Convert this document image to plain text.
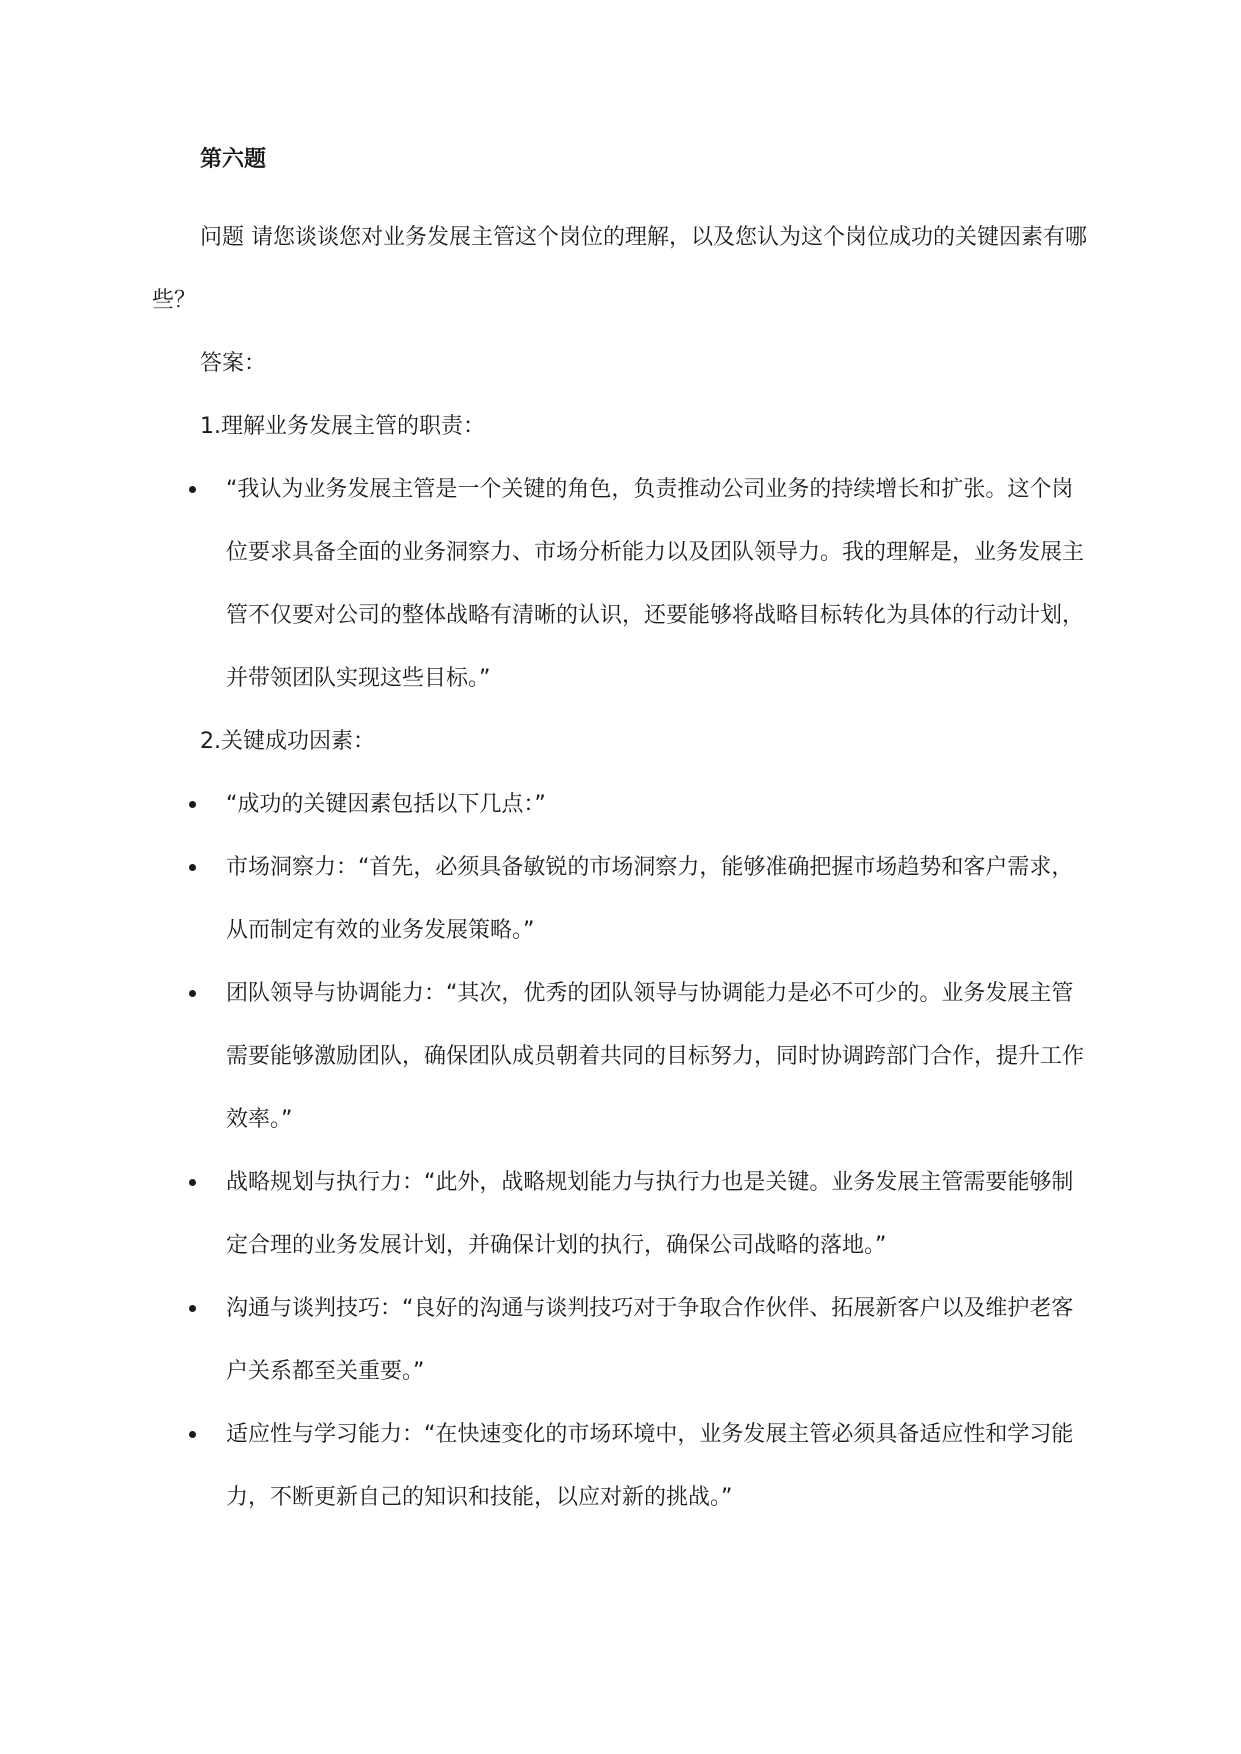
第六题

问题 请您谈谈您对业务发展主管这个岗位的理解，以及您认为这个岗位成功的关键因素有哪些？

答案：

1.理解业务发展主管的职责：

“我认为业务发展主管是一个关键的角色，负责推动公司业务的持续增长和扩张。这个岗位要求具备全面的业务洞察力、市场分析能力以及团队领导力。我的理解是，业务发展主管不仅要对公司的整体战略有清晰的认识，还要能够将战略目标转化为具体的行动计划，并带领团队实现这些目标。”

2.关键成功因素：

“成功的关键因素包括以下几点：”
市场洞察力：“首先，必须具备敏锐的市场洞察力，能够准确把握市场趋势和客户需求，从而制定有效的业务发展策略。”
团队领导与协调能力：“其次，优秀的团队领导与协调能力是必不可少的。业务发展主管需要能够激励团队，确保团队成员朝着共同的目标努力，同时协调跨部门合作，提升工作效率。”
战略规划与执行力：“此外，战略规划能力与执行力也是关键。业务发展主管需要能够制定合理的业务发展计划，并确保计划的执行，确保公司战略的落地。”
沟通与谈判技巧：“良好的沟通与谈判技巧对于争取合作伙伴、拓展新客户以及维护老客户关系都至关重要。”
适应性与学习能力：“在快速变化的市场环境中，业务发展主管必须具备适应性和学习能力，不断更新自己的知识和技能，以应对新的挑战。”
